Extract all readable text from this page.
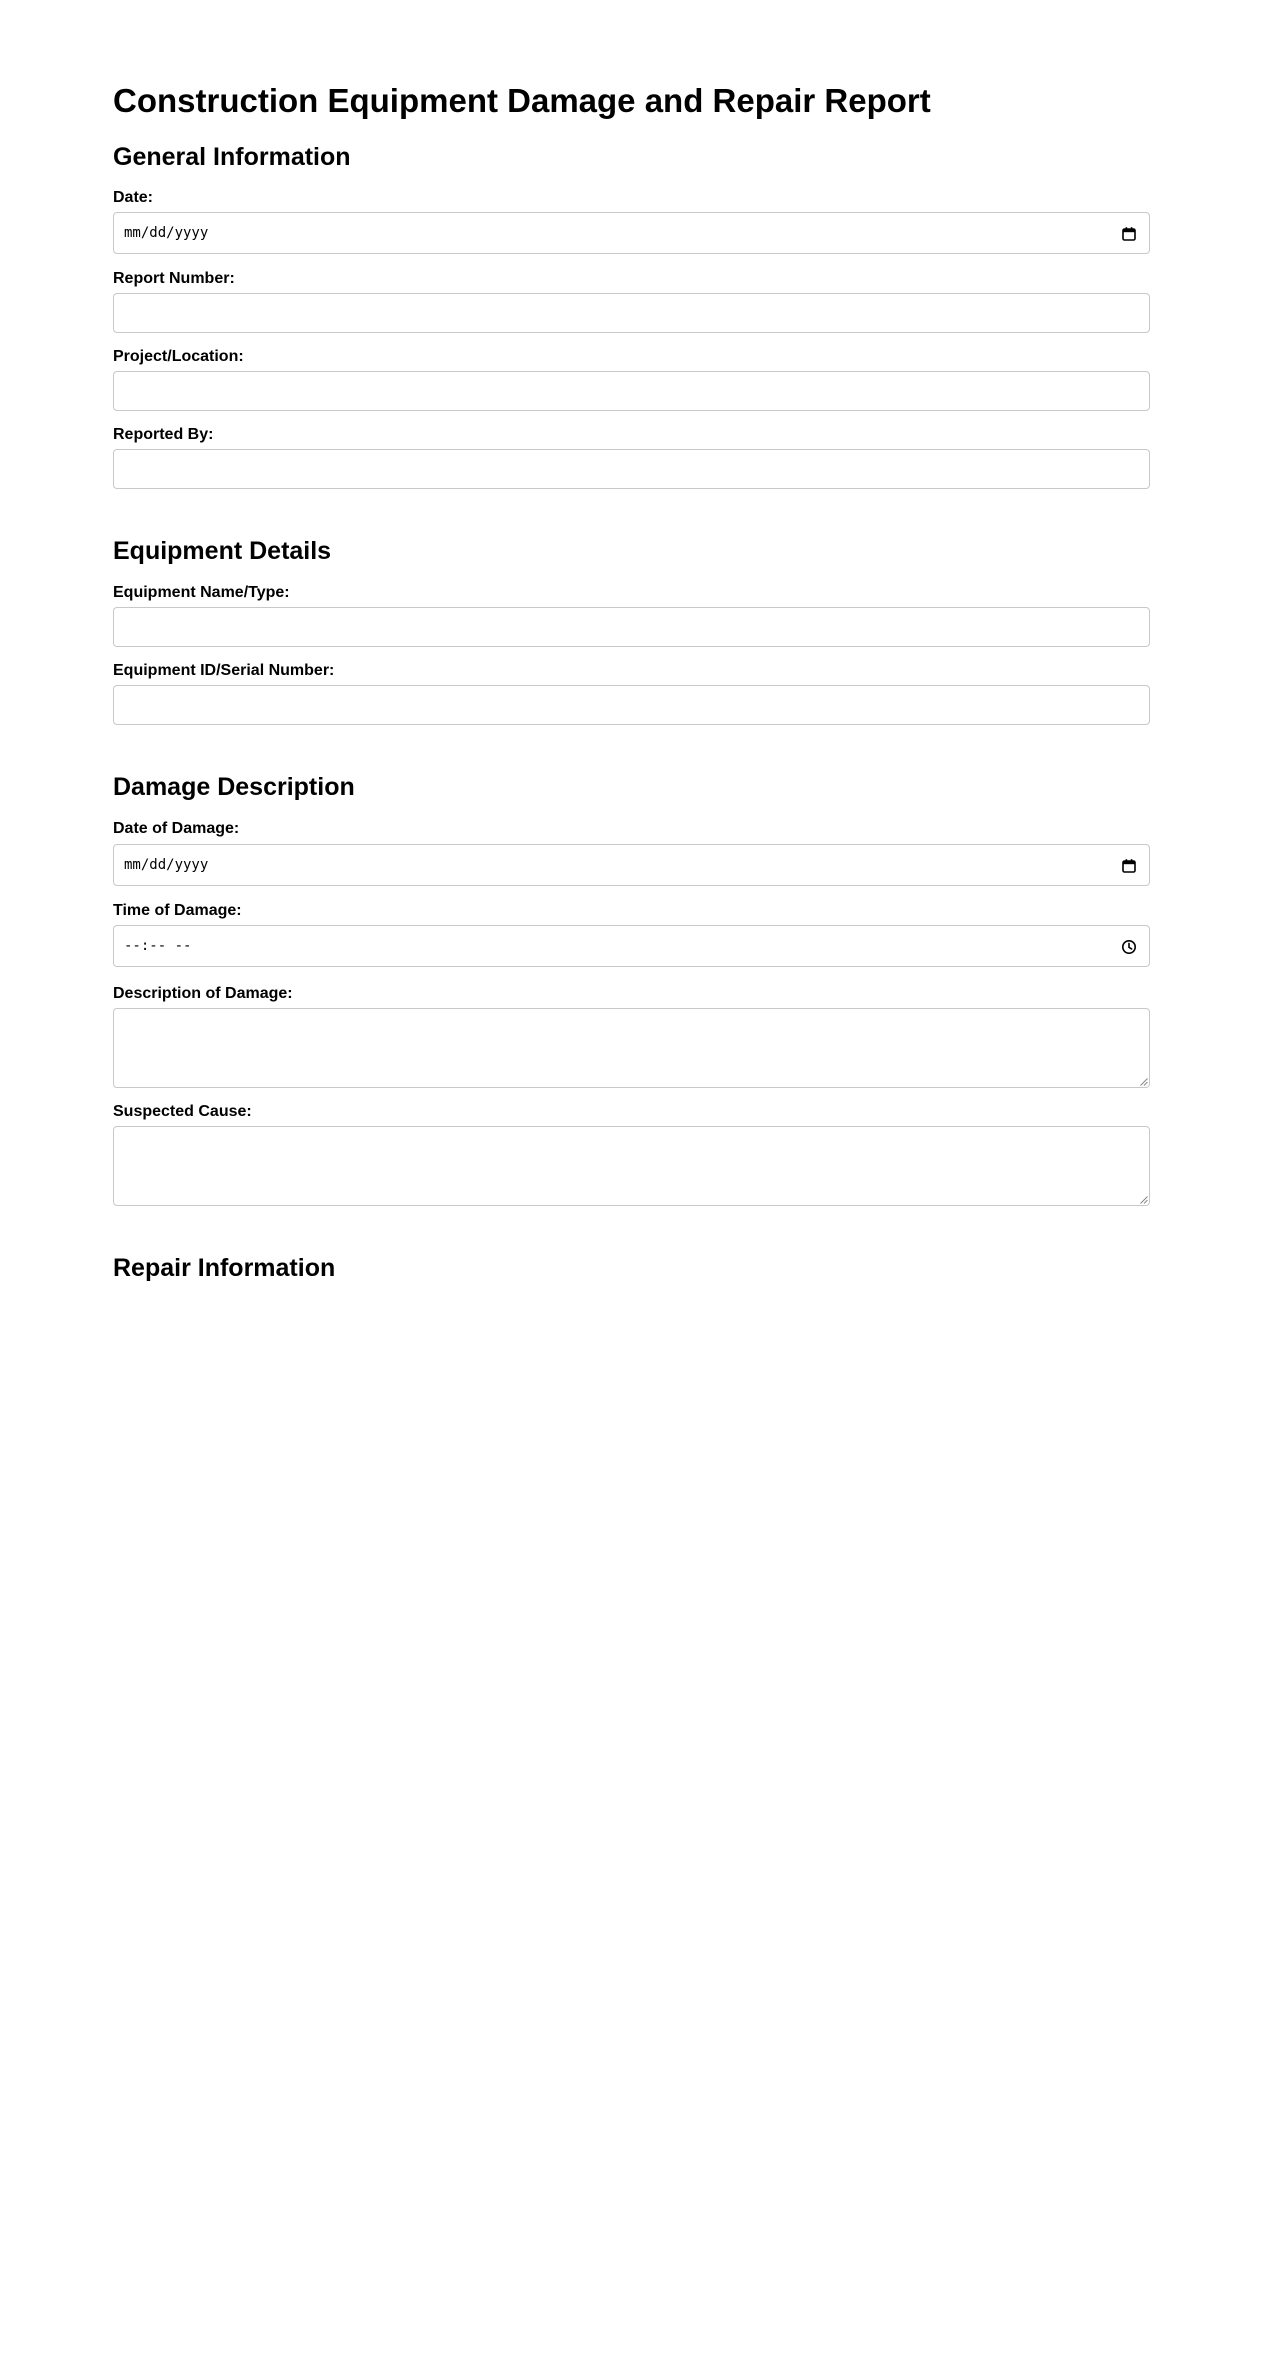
Construction Equipment Damage and Repair Report
General Information
Date:
mm/dd/yyyy
Report Number:
Project/Location:
Reported By:
Equipment Details
Equipment Name/Type:
Equipment ID/Serial Number:
Damage Description
Date of Damage:
mm/dd/yyyy
Time of Damage:
--:-- --
Description of Damage:
Suspected Cause:
Repair Information
